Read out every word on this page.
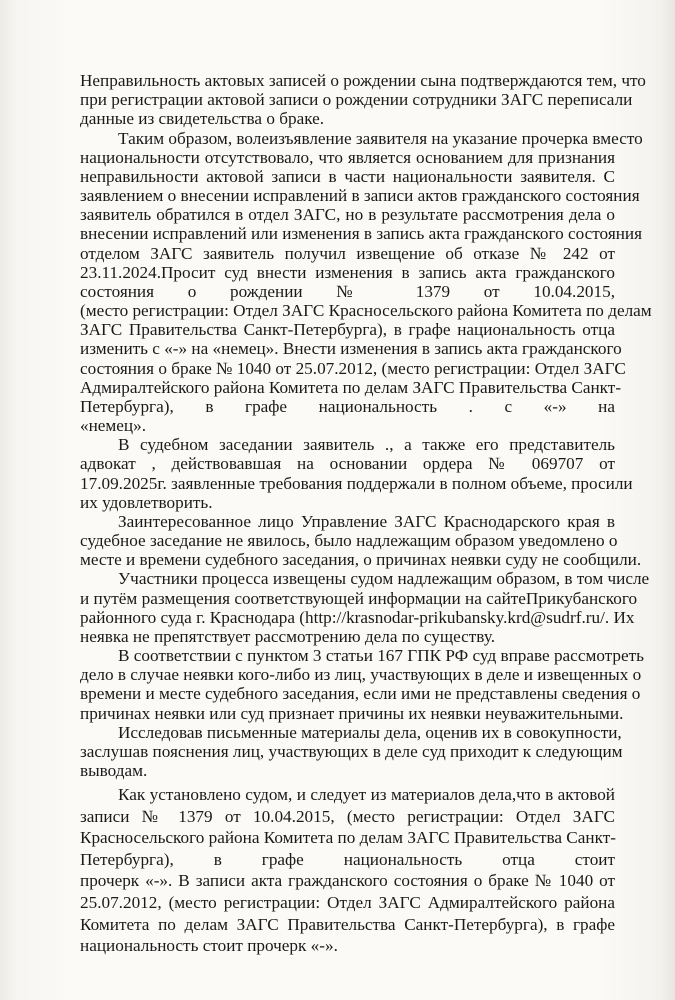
Неправильность актовых записей о рождении сына подтверждаются тем, что
при регистрации актовой записи о рождении сотрудники ЗАГС переписали
данные из свидетельства о браке.
Таким образом, волеизъявление заявителя на указание прочерка вместо
национальности отсутствовало, что является основанием для признания
неправильности актовой записи в части национальности заявителя. С
заявлением о внесении исправлений в записи актов гражданского состояния
заявитель обратился в отдел ЗАГС, но в результате рассмотрения дела о
внесении исправлений или изменения в запись акта гражданского состояния
отделом ЗАГС заявитель получил извещение об отказе № 242 от
23.11.2024.Просит суд внести изменения в запись акта гражданского
состояния о рождении № 1379 от 10.04.2015,
(место регистрации: Отдел ЗАГС Красносельского района Комитета по делам
ЗАГС Правительства Санкт-Петербурга), в графе национальность отца
изменить с «-» на «немец». Внести изменения в запись акта гражданского
состояния о браке № 1040 от 25.07.2012, (место регистрации: Отдел ЗАГС
Адмиралтейского района Комитета по делам ЗАГС Правительства Санкт-
Петербурга), в графе национальность . с «-» на
«немец».
В судебном заседании заявитель ., а также его представитель
адвокат , действовавшая на основании ордера № 069707 от
17.09.2025г. заявленные требования поддержали в полном объеме, просили
их удовлетворить.
Заинтересованное лицо Управление ЗАГС Краснодарского края в
судебное заседание не явилось, было надлежащим образом уведомлено о
месте и времени судебного заседания, о причинах неявки суду не сообщили.
Участники процесса извещены судом надлежащим образом, в том числе
и путём размещения соответствующей информации на сайтеПрикубанского
районного суда г. Краснодара (http://krasnodar-prikubansky.krd@sudrf.ru/. Их
неявка не препятствует рассмотрению дела по существу.
В соответствии с пунктом 3 статьи 167 ГПК РФ суд вправе рассмотреть
дело в случае неявки кого-либо из лиц, участвующих в деле и извещенных о
времени и месте судебного заседания, если ими не представлены сведения о
причинах неявки или суд признает причины их неявки неуважительными.
Исследовав письменные материалы дела, оценив их в совокупности,
заслушав пояснения лиц, участвующих в деле суд приходит к следующим
выводам.
Как установлено судом, и следует из материалов дела,что в актовой
записи № 1379 от 10.04.2015, (место регистрации: Отдел ЗАГС
Красносельского района Комитета по делам ЗАГС Правительства Санкт-
Петербурга), в графе национальность отца стоит
прочерк «-». В записи акта гражданского состояния о браке № 1040 от
25.07.2012, (место регистрации: Отдел ЗАГС Адмиралтейского района
Комитета по делам ЗАГС Правительства Санкт-Петербурга), в графе
национальность стоит прочерк «-».
